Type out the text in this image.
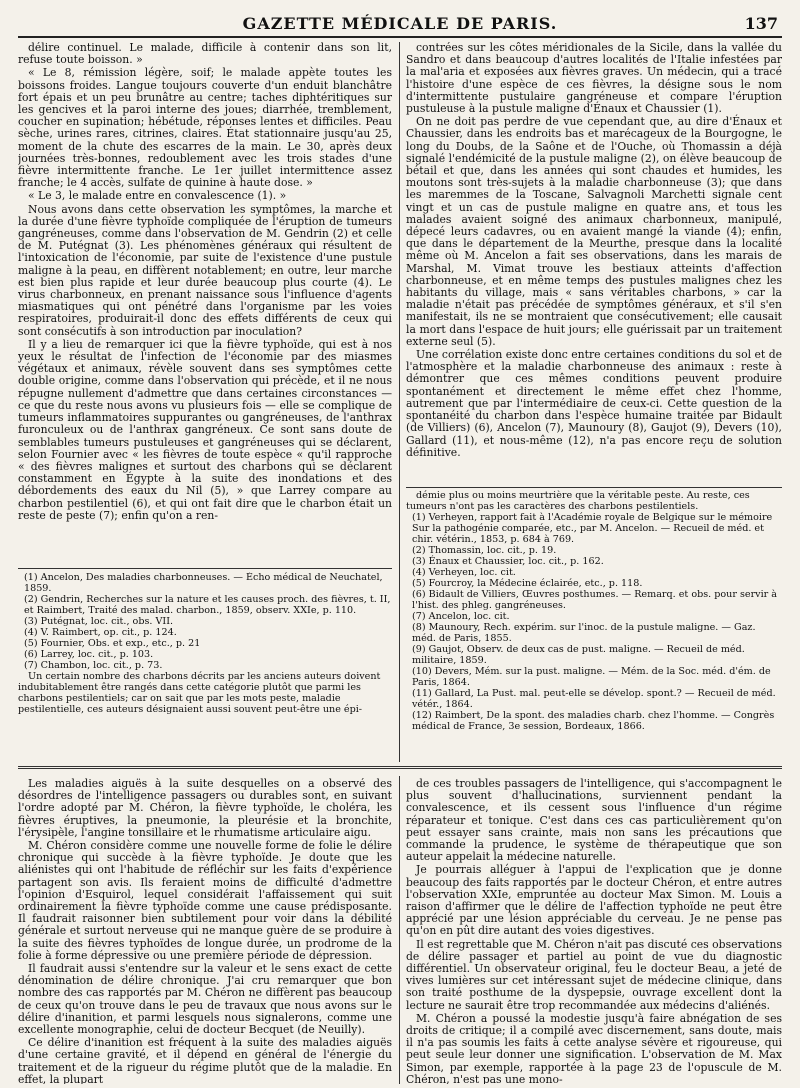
GAZETTE MÉDICALE DE PARIS.	137

délire continuel. Le malade, difficile à contenir dans son lit, refuse toute boisson. »

« Le 8, rémission légère, soif; le malade appète toutes les boissons froides. Langue toujours couverte d'un enduit blanchâtre fort épais et un peu brunâtre au centre; taches diphtéritiques sur les gencives et la paroi interne des joues; diarrhée, tremblement, coucher en supination; hébétude, réponses lentes et difficiles. Peau sèche, urines rares, citrines, claires. État stationnaire jusqu'au 25, moment de la chute des escarres de la main. Le 30, après deux journées très-bonnes, redoublement avec les trois stades d'une fièvre intermittente franche. Le 1er juillet intermittence assez franche; le 4 accès, sulfate de quinine à haute dose. »

« Le 3, le malade entre en convalescence (1). »

Nous avons dans cette observation les symptômes, la marche et la durée d'une fièvre typhoïde compliquée de l'éruption de tumeurs gangréneuses, comme dans l'observation de M. Gendrin (2) et celle de M. Putégnat (3). Les phénomènes généraux qui résultent de l'intoxication de l'économie, par suite de l'existence d'une pustule maligne à la peau, en diffèrent notablement; en outre, leur marche est bien plus rapide et leur durée beaucoup plus courte (4). Le virus charbonneux, en prenant naissance sous l'influence d'agents miasmatiques qui ont pénétré dans l'organisme par les voies respiratoires, produirait-il donc des effets différents de ceux qui sont consécutifs à son introduction par inoculation?

Il y a lieu de remarquer ici que la fièvre typhoïde, qui est à nos yeux le résultat de l'infection de l'économie par des miasmes végétaux et animaux, révèle souvent dans ses symptômes cette double origine, comme dans l'observation qui précède, et il ne nous répugne nullement d'admettre que dans certaines circonstances — ce que du reste nous avons vu plusieurs fois — elle se complique de tumeurs inflammatoires suppurantes ou gangréneuses, de l'anthrax furonculeux ou de l'anthrax gangréneux. Ce sont sans doute de semblables tumeurs pustuleuses et gangréneuses qui se déclarent, selon Fournier avec « les fièvres de toute espèce « qu'il rapproche « des fièvres malignes et surtout des charbons qui se déclarent constamment en Égypte à la suite des inondations et des débordements des eaux du Nil (5), » que Larrey compare au charbon pestilentiel (6), et qui ont fait dire que le charbon était un reste de peste (7); enfin qu'on a ren-

(1) Ancelon, Des maladies charbonneuses. — Écho médical de Neuchatel, 1859.

(2) Gendrin, Recherches sur la nature et les causes proch. des fièvres, t. II, et Raimbert, Traité des malad. charbon., 1859, observ. XXIe, p. 110.

(3) Putégnat, loc. cit., obs. VII.

(4) V. Raimbert, op. cit., p. 124.

(5) Fournier, Obs. et exp., etc., p. 21

(6) Larrey, loc. cit., p. 103.

(7) Chambon, loc. cit., p. 73.

Un certain nombre des charbons décrits par les anciens auteurs doivent indubitablement être rangés dans cette catégorie plutôt que parmi les charbons pestilentiels; car on sait que par les mots peste, maladie pestilentielle, ces auteurs désignaient aussi souvent peut-être une épi-

contrées sur les côtes méridionales de la Sicile, dans la vallée du Sandro et dans beaucoup d'autres localités de l'Italie infestées par la mal'aria et exposées aux fièvres graves. Un médecin, qui a tracé l'histoire d'une espèce de ces fièvres, la désigne sous le nom d'intermittente pustulaire gangréneuse et compare l'éruption pustuleuse à la pustule maligne d'Énaux et Chaussier (1).

On ne doit pas perdre de vue cependant que, au dire d'Énaux et Chaussier, dans les endroits bas et marécageux de la Bourgogne, le long du Doubs, de la Saône et de l'Ouche, où Thomassin a déjà signalé l'endémicité de la pustule maligne (2), on élève beaucoup de bétail et que, dans les années qui sont chaudes et humides, les moutons sont très-sujets à la maladie charbonneuse (3); que dans les maremmes de la Toscane, Salvagnoli Marchetti signale cent vingt et un cas de pustule maligne en quatre ans, et tous les malades avaient soigné des animaux charbonneux, manipulé, dépecé leurs cadavres, ou en avaient mangé la viande (4); enfin, que dans le département de la Meurthe, presque dans la localité même où M. Ancelon a fait ses observations, dans les marais de Marshal, M. Vimat trouve les bestiaux atteints d'affection charbonneuse, et en même temps des pustules malignes chez les habitants du village, mais « sans véritables charbons, » car la maladie n'était pas précédée de symptômes généraux, et s'il s'en manifestait, ils ne se montraient que consécutivement; elle causait la mort dans l'espace de huit jours; elle guérissait par un traitement externe seul (5).

Une corrélation existe donc entre certaines conditions du sol et de l'atmosphère et la maladie charbonneuse des animaux : reste à démontrer que ces mêmes conditions peuvent produire spontanément et directement le même effet chez l'homme, autrement que par l'intermédiaire de ceux-ci. Cette question de la spontanéité du charbon dans l'espèce humaine traitée par Bidault (de Villiers) (6), Ancelon (7), Maunoury (8), Gaujot (9), Devers (10), Gallard (11), et nous-même (12), n'a pas encore reçu de solution définitive.

démie plus ou moins meurtrière que la véritable peste. Au reste, ces tumeurs n'ont pas les caractères des charbons pestilentiels.

(1) Verheyen, rapport fait à l'Académie royale de Belgique sur le mémoire Sur la pathogénie comparée, etc., par M. Ancelon. — Recueil de méd. et chir. vétérin., 1853, p. 684 à 769.

(2) Thomassin, loc. cit., p. 19.

(3) Énaux et Chaussier, loc. cit., p. 162.

(4) Verheyen, loc. cit.

(5) Fourcroy, la Médecine éclairée, etc., p. 118.

(6) Bidault de Villiers, Œuvres posthumes. — Remarq. et obs. pour servir à l'hist. des phleg. gangréneuses.

(7) Ancelon, loc. cit.

(8) Maunoury, Rech. expérim. sur l'inoc. de la pustule maligne. — Gaz. méd. de Paris, 1855.

(9) Gaujot, Observ. de deux cas de pust. maligne. — Recueil de méd. militaire, 1859.

(10) Devers, Mém. sur la pust. maligne. — Mém. de la Soc. méd. d'ém. de Paris, 1864.

(11) Gallard, La Pust. mal. peut-elle se dévelop. spont.? — Recueil de méd. vétér., 1864.

(12) Raimbert, De la spont. des maladies charb. chez l'homme. — Congrès médical de France, 3e session, Bordeaux, 1866.

Les maladies aiguës à la suite desquelles on a observé des désordres de l'intelligence passagers ou durables sont, en suivant l'ordre adopté par M. Chéron, la fièvre typhoïde, le choléra, les fièvres éruptives, la pneumonie, la pleurésie et la bronchite, l'érysipèle, l'angine tonsillaire et le rhumatisme articulaire aigu.

M. Chéron considère comme une nouvelle forme de folie le délire chronique qui succède à la fièvre typhoïde. Je doute que les aliénistes qui ont l'habitude de réfléchir sur les faits d'expérience partagent son avis. Ils feraient moins de difficulté d'admettre l'opinion d'Esquirol, lequel considérait l'affaissement qui suit ordinairement la fièvre typhoïde comme une cause prédisposante. Il faudrait raisonner bien subtilement pour voir dans la débilité générale et surtout nerveuse qui ne manque guère de se produire à la suite des fièvres typhoïdes de longue durée, un prodrome de la folie à forme dépressive ou une première période de dépression.

Il faudrait aussi s'entendre sur la valeur et le sens exact de cette dénomination de délire chronique. J'ai cru remarquer que bon nombre des cas rapportés par M. Chéron ne diffèrent pas beaucoup de ceux qu'on trouve dans le peu de travaux que nous avons sur le délire d'inanition, et parmi lesquels nous signalerons, comme une excellente monographie, celui de docteur Becquet (de Neuilly).

Ce délire d'inanition est fréquent à la suite des maladies aiguës d'une certaine gravité, et il dépend en général de l'énergie du traitement et de la rigueur du régime plutôt que de la maladie. En effet, la plupart

de ces troubles passagers de l'intelligence, qui s'accompagnent le plus souvent d'hallucinations, surviennent pendant la convalescence, et ils cessent sous l'influence d'un régime réparateur et tonique. C'est dans ces cas particulièrement qu'on peut essayer sans crainte, mais non sans les précautions que commande la prudence, le système de thérapeutique que son auteur appelait la médecine naturelle.

Je pourrais alléguer à l'appui de l'explication que je donne beaucoup des faits rapportés par le docteur Chéron, et entre autres l'observation XXIe, empruntée au docteur Max Simon. M. Louis a raison d'affirmer que le délire de l'affection typhoïde ne peut être apprécié par une lésion appréciable du cerveau. Je ne pense pas qu'on en pût dire autant des voies digestives.

Il est regrettable que M. Chéron n'ait pas discuté ces observations de délire passager et partiel au point de vue du diagnostic différentiel. Un observateur original, feu le docteur Beau, a jeté de vives lumières sur cet intéressant sujet de médecine clinique, dans son traité posthume de la dyspepsie, ouvrage excellent dont la lecture ne saurait être trop recommandée aux médecins d'aliénés.

M. Chéron a poussé la modestie jusqu'à faire abnégation de ses droits de critique; il a compilé avec discernement, sans doute, mais il n'a pas soumis les faits à cette analyse sévère et rigoureuse, qui peut seule leur donner une signification. L'observation de M. Max Simon, par exemple, rapportée à la page 23 de l'opuscule de M. Chéron, n'est pas une mono-
